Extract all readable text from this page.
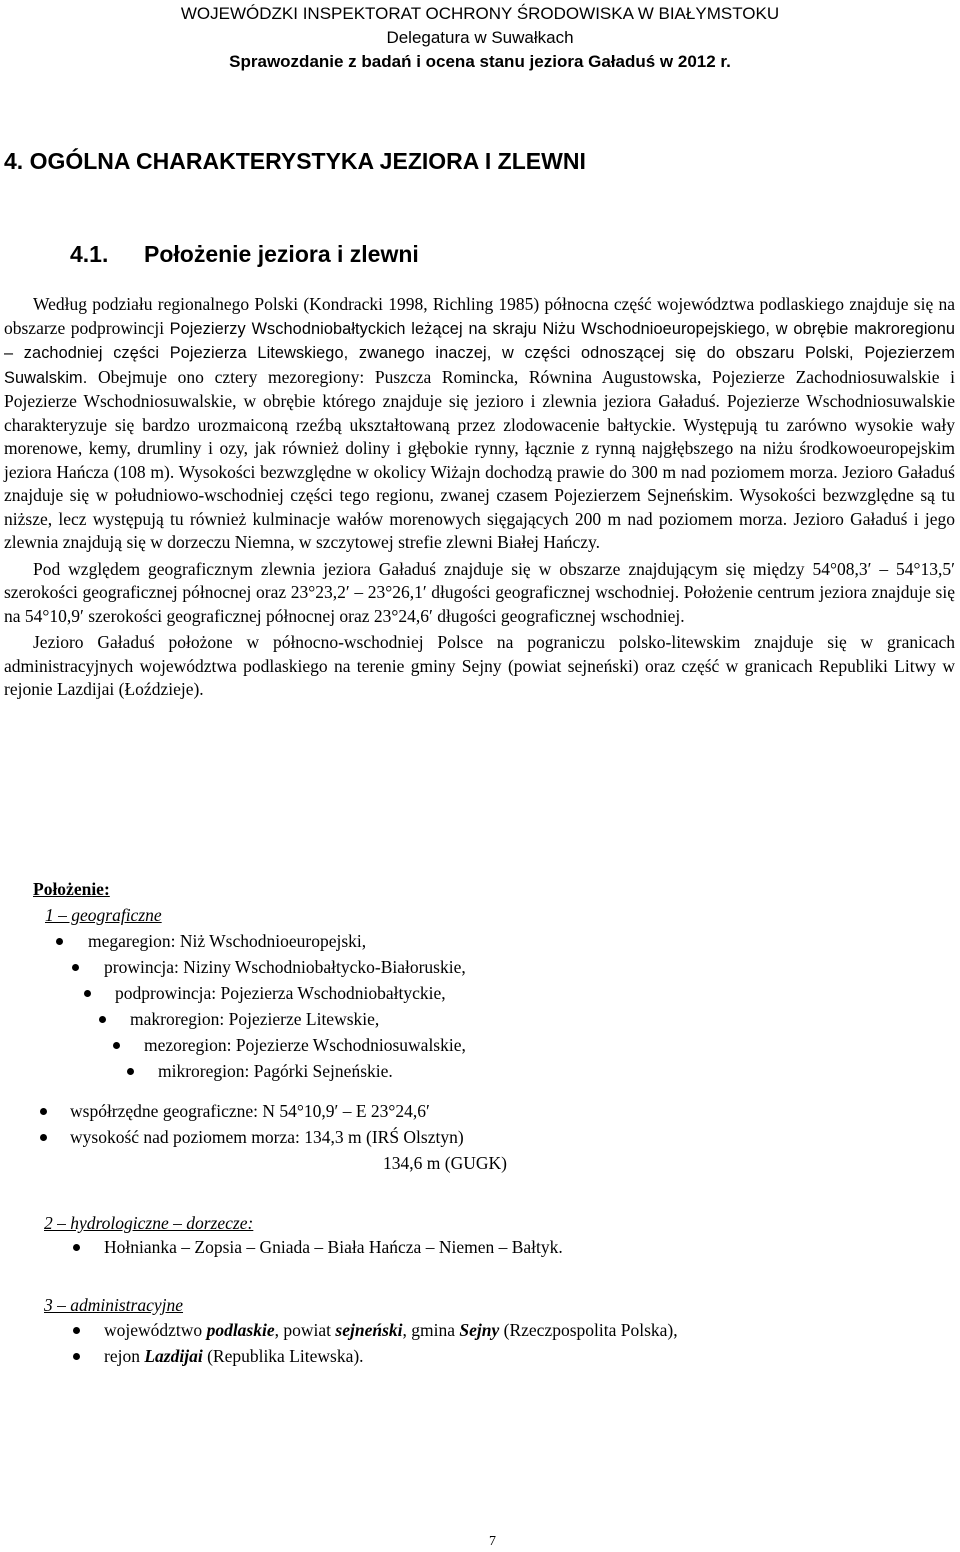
WOJEWÓDZKI INSPEKTORAT OCHRONY ŚRODOWISKA W BIAŁYMSTOKU
Delegatura w Suwałkach
Sprawozdanie z badań i ocena stanu jeziora Gaładuś w 2012 r.
4. OGÓLNA CHARAKTERYSTYKA JEZIORA I ZLEWNI
4.1. Położenie jeziora i zlewni

Według podziału regionalnego Polski (Kondracki 1998, Richling 1985) północna część województwa podlaskiego znajduje się na obszarze podprowincji Pojezierzy Wschodniobałtyckich leżącej na skraju Niżu Wschodnioeuropejskiego, w obrębie makroregionu – zachodniej części Pojezierza Litewskiego, zwanego inaczej, w części odnoszącej się do obszaru Polski, Pojezierzem Suwalskim. Obejmuje ono cztery mezoregiony: Puszcza Romincka, Równina Augustowska, Pojezierze Zachodniosuwalskie i Pojezierze Wschodniosuwalskie, w obrębie którego znajduje się jezioro i zlewnia jeziora Gaładuś. Pojezierze Wschodniosuwalskie charakteryzuje się bardzo urozmaiconą rzeźbą ukształtowaną przez zlodowacenie bałtyckie. Występują tu zarówno wysokie wały morenowe, kemy, drumliny i ozy, jak również doliny i głębokie rynny, łącznie z rynną najgłębszego na niżu środkowoeuropejskim jeziora Hańcza (108 m). Wysokości bezwzględne w okolicy Wiżajn dochodzą prawie do 300 m nad poziomem morza. Jezioro Gaładuś znajduje się w południowo-wschodniej części tego regionu, zwanej czasem Pojezierzem Sejneńskim. Wysokości bezwzględne są tu niższe, lecz występują tu również kulminacje wałów morenowych sięgających 200 m nad poziomem morza. Jezioro Gaładuś i jego zlewnia znajdują się w dorzeczu Niemna, w szczytowej strefie zlewni Białej Hańczy.

Pod względem geograficznym zlewnia jeziora Gaładuś znajduje się w obszarze znajdującym się między 54°08,3′ – 54°13,5′ szerokości geograficznej północnej oraz 23°23,2′ – 23°26,1′ długości geograficznej wschodniej. Położenie centrum jeziora znajduje się na 54°10,9′ szerokości geograficznej północnej oraz 23°24,6′ długości geograficznej wschodniej.

Jezioro Gaładuś położone w północno-wschodniej Polsce na pograniczu polsko-litewskim znajduje się w granicach administracyjnych województwa podlaskiego na terenie gminy Sejny (powiat sejneński) oraz część w granicach Republiki Litwy w rejonie Lazdijai (Łoździeje).

Położenie:
1 – geograficzne
megaregion: Niż Wschodnioeuropejski,
prowincja: Niziny Wschodniobałtycko-Białoruskie,
podprowincja: Pojezierza Wschodniobałtyckie,
makroregion: Pojezierze Litewskie,
mezoregion: Pojezierze Wschodniosuwalskie,
mikroregion: Pagórki Sejneńskie.
współrzędne geograficzne: N 54°10,9′ – E 23°24,6′
wysokość nad poziomem morza: 134,3 m (IRŚ Olsztyn)
134,6 m (GUGK)
2 – hydrologiczne – dorzecze:
Hołnianka – Zopsia – Gniada – Biała Hańcza – Niemen – Bałtyk.
3 – administracyjne
województwo podlaskie, powiat sejneński, gmina Sejny (Rzeczpospolita Polska),
rejon Lazdijai (Republika Litewska).
7
